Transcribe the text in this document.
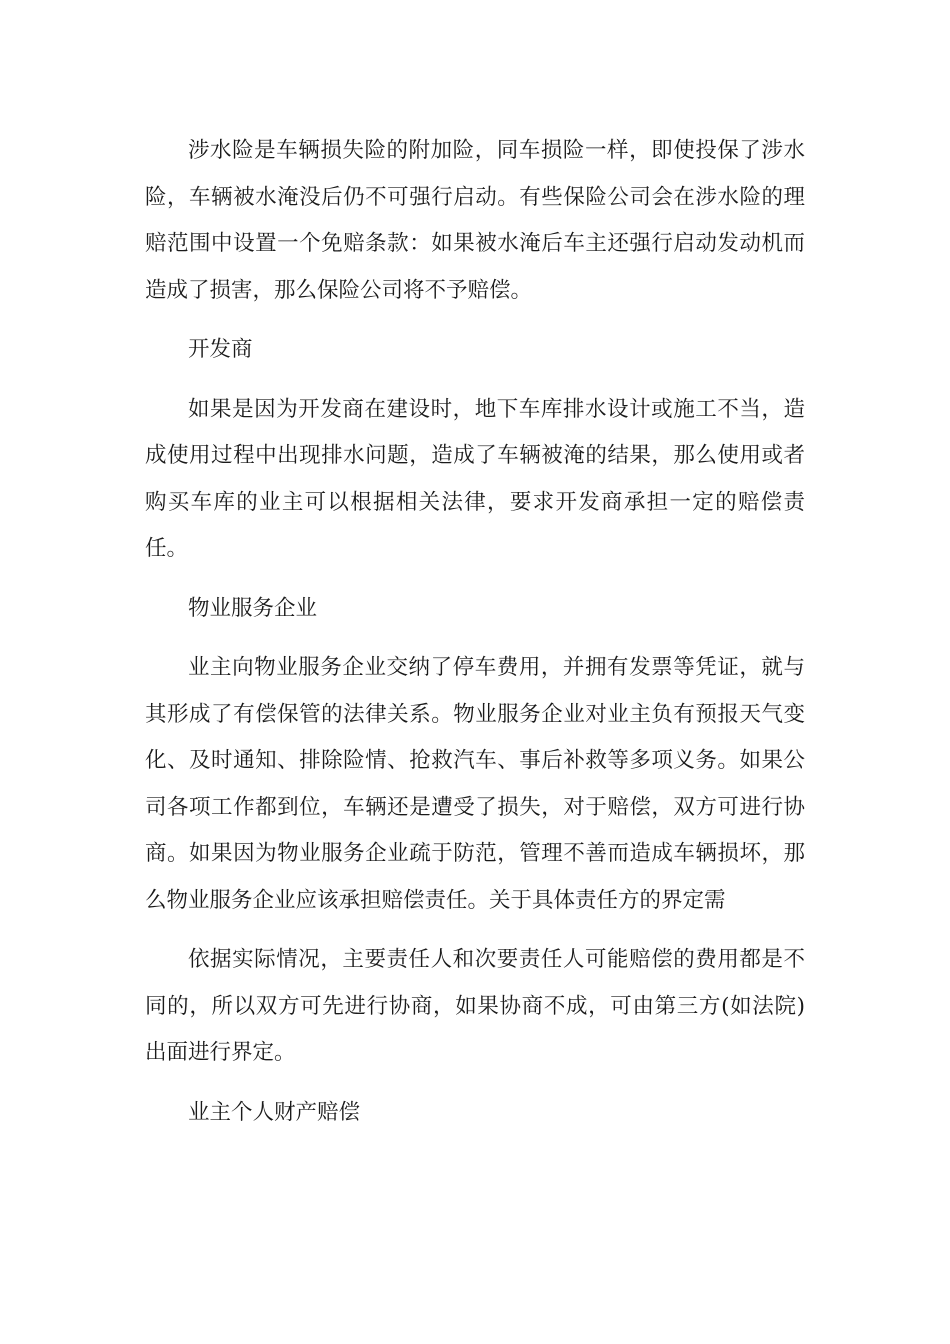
涉水险是车辆损失险的附加险，同车损险一样，即使投保了涉水险，车辆被水淹没后仍不可强行启动。有些保险公司会在涉水险的理赔范围中设置一个免赔条款：如果被水淹后车主还强行启动发动机而造成了损害，那么保险公司将不予赔偿。

开发商

如果是因为开发商在建设时，地下车库排水设计或施工不当，造成使用过程中出现排水问题，造成了车辆被淹的结果，那么使用或者购买车库的业主可以根据相关法律，要求开发商承担一定的赔偿责任。

物业服务企业

业主向物业服务企业交纳了停车费用，并拥有发票等凭证，就与其形成了有偿保管的法律关系。物业服务企业对业主负有预报天气变化、及时通知、排除险情、抢救汽车、事后补救等多项义务。如果公司各项工作都到位，车辆还是遭受了损失，对于赔偿，双方可进行协商。如果因为物业服务企业疏于防范，管理不善而造成车辆损坏，那么物业服务企业应该承担赔偿责任。关于具体责任方的界定需

依据实际情况，主要责任人和次要责任人可能赔偿的费用都是不同的，所以双方可先进行协商，如果协商不成，可由第三方(如法院)出面进行界定。

业主个人财产赔偿
